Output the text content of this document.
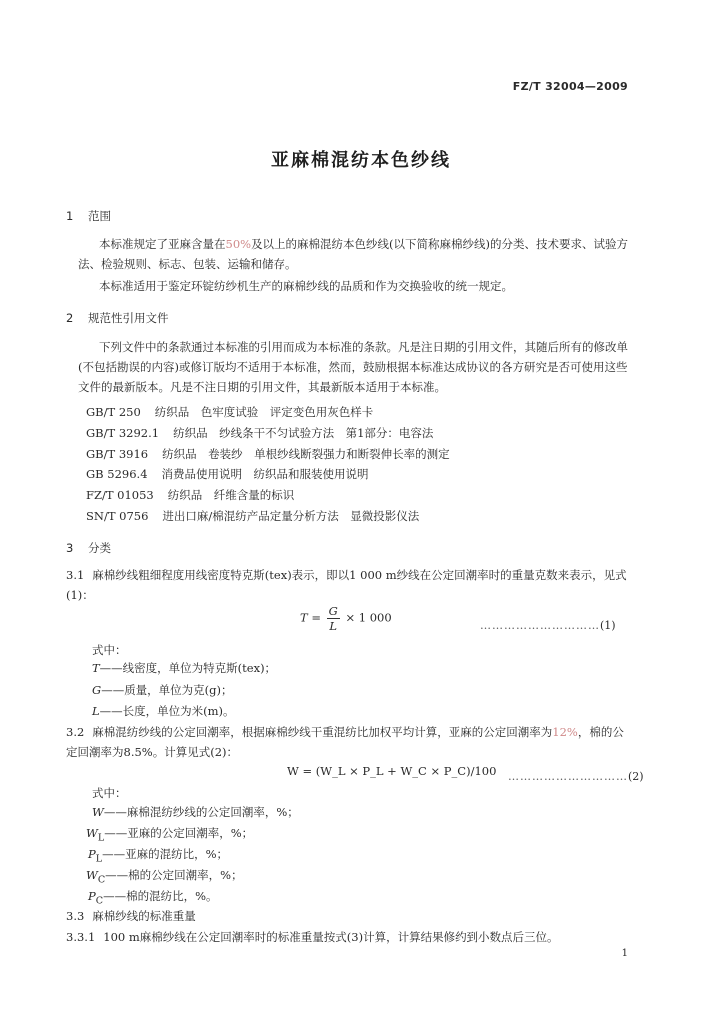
FZ/T 32004—2009
亚麻棉混纺本色纱线
1 范围
本标准规定了亚麻含量在50%及以上的麻棉混纺本色纱线(以下简称麻棉纱线)的分类、技术要求、试验方法、检验规则、标志、包装、运输和储存。
本标准适用于鉴定环锭纺纱机生产的麻棉纱线的品质和作为交换验收的统一规定。
2 规范性引用文件
下列文件中的条款通过本标准的引用而成为本标准的条款。凡是注日期的引用文件，其随后所有的修改单(不包括勘误的内容)或修订版均不适用于本标准，然而，鼓励根据本标准达成协议的各方研究是否可使用这些文件的最新版本。凡是不注日期的引用文件，其最新版本适用于本标准。
GB/T 250 纺织品　色牢度试验　评定变色用灰色样卡
GB/T 3292.1 纺织品　纱线条干不匀试验方法　第1部分：电容法
GB/T 3916 纺织品　卷装纱　单根纱线断裂强力和断裂伸长率的测定
GB 5296.4 消费品使用说明　纺织品和服装使用说明
FZ/T 01053 纺织品　纤维含量的标识
SN/T 0756 进出口麻/棉混纺产品定量分析方法　显微投影仪法
3 分类
3.1 麻棉纱线粗细程度用线密度特克斯(tex)表示，即以1 000 m纱线在公定回潮率时的重量克数来表示，见式(1)：
$T = \frac{G}{L} \times 1$ 000
…………………………(1)
式中：
T——线密度，单位为特克斯(tex)；
G——质量，单位为克(g)；
L——长度，单位为米(m)。
3.2 麻棉混纺纱线的公定回潮率，根据麻棉纱线干重混纺比加权平均计算，亚麻的公定回潮率为12%，棉的公定回潮率为8.5%。计算见式(2)：
W = (W_L × P_L + W_C × P_C)/100 …………………………(2)
式中：
W——麻棉混纺纱线的公定回潮率，%；
$W_L——$亚麻的公定回潮率，%；
$P_L——$亚麻的混纺比，%；
$W_C——$棉的公定回潮率，%；
$P_C——$棉的混纺比，%。
3.3 麻棉纱线的标准重量
3.3.1 100 m麻棉纱线在公定回潮率时的标准重量按式(3)计算，计算结果修约到小数点后三位。
1
